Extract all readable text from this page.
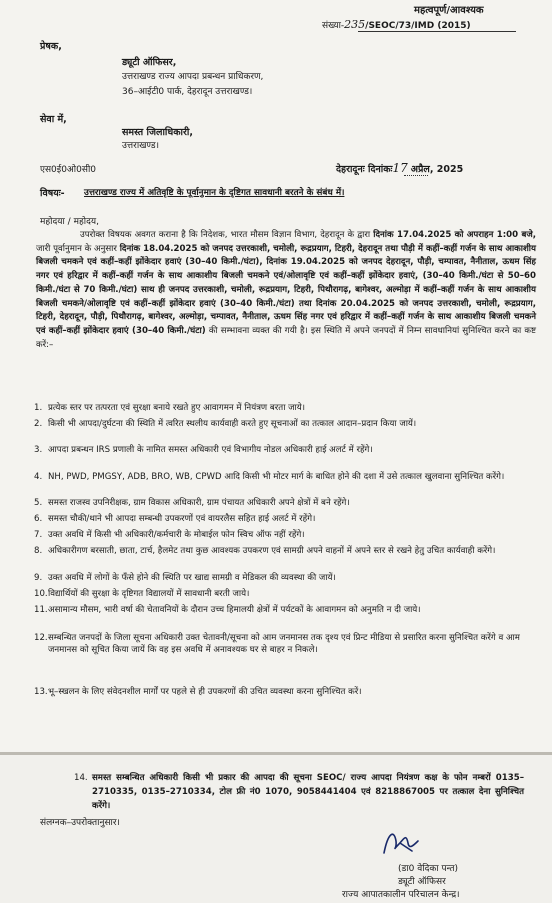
महत्वपूर्ण/आवश्यक
संख्या-235/SEOC/73/IMD (2015)
प्रेषक,
ड्यूटी ऑफिसर,
उत्तराखण्ड राज्य आपदा प्रबन्धन प्राधिकरण,
36–आईटी0 पार्क, देहरादून उत्तराखण्ड।
सेवा में,
समस्त जिलाधिकारी,
उत्तराखण्ड।
एस0ई0ओ0सी0	देहरादूनः दिनांकः17 अप्रैल, 2025
विषयः- उत्तराखण्ड राज्य में अतिवृष्टि के पूर्वानुमान के दृष्टिगत सावधानी बरतने के संबंध में।
महोदया / महोदय,
उपरोक्त विषयक अवगत कराना है कि निदेशक, भारत मौसम विज्ञान विभाग, देहरादून के द्वारा दिनांक 17.04.2025 को अपराहन 1:00 बजे, जारी पूर्वानुमान के अनुसार दिनांक 18.04.2025 को जनपद उत्तरकाशी, चमोली, रूद्रप्रयाग, टिहरी, देहरादून तथा पौड़ी में कहीं–कहीं गर्जन के साथ आकाशीय बिजली चमकने एवं कहीं–कहीं झोंकेदार हवाएं (30–40 किमी./घंटा), दिनांक 19.04.2025 को जनपद देहरादून, पौड़ी, चम्पावत, नैनीताल, ऊधम सिंह नगर एवं हरिद्वार में कहीं–कहीं गर्जन के साथ आकाशीय बिजली चमकने एवं/ओलावृष्टि एवं कहीं–कहीं झोंकेदार हवाएं, (30–40 किमी./घंटा से 50–60 किमी./घंटा से 70 किमी./घंटा) साथ ही जनपद उत्तरकाशी, चमोली, रूद्रप्रयाग, टिहरी, पिथौरागढ़, बागेश्वर, अल्मोड़ा में कहीं–कहीं गर्जन के साथ आकाशीय बिजली चमकने/ओलावृष्टि एवं कहीं–कहीं झोंकेदार हवाएं (30–40 किमी./घंटा) तथा दिनांक 20.04.2025 को जनपद उत्तरकाशी, चमोली, रूद्रप्रयाग, टिहरी, देहरादून, पौड़ी, पिथौरागढ़, बागेश्वर, अल्मोड़ा, चम्पावत, नैनीताल, ऊधम सिंह नगर एवं हरिद्वार में कहीं–कहीं गर्जन के साथ आकाशीय बिजली चमकने एवं कहीं–कहीं झोंकेदार हवाएं (30–40 किमी./घंटा) की सम्भावना व्यक्त की गयी है। इस स्थिति में अपने जनपदों में निम्न सावधानियां सुनिश्चित करने का कष्ट करें:–
1. प्रत्येक स्तर पर तत्परता एवं सुरक्षा बनाये रखते हुए आवागमन में नियंत्रण बरता जाये।
2. किसी भी आपदा/दुर्घटना की स्थिति में त्वरित स्थलीय कार्यवाही करते हुए सूचनाओं का तत्काल आदान–प्रदान किया जायें।
3. आपदा प्रबन्धन IRS प्रणाली के नामित समस्त अधिकारी एवं विभागीय नोडल अधिकारी हाई अलर्ट में रहेंगे।
4. NH, PWD, PMGSY, ADB, BRO, WB, CPWD आदि किसी भी मोटर मार्ग के बाधित होने की दशा में उसे तत्काल खुलवाना सुनिश्चित करेंगे।
5. समस्त राजस्व उपनिरीक्षक, ग्राम विकास अधिकारी, ग्राम पंचायत अधिकारी अपने क्षेत्रों में बने रहेंगे।
6. समस्त चौकी/थाने भी आपदा सम्बन्धी उपकरणों एवं वायरलैस सहित हाई अलर्ट में रहेंगे।
7. उक्त अवधि में किसी भी अधिकारी/कर्मचारी के मोबाईल फोन स्विच ऑफ नहीं रहेंगे।
8. अधिकारीगण बरसाती, छाता, टार्च, हैलमेट तथा कुछ आवश्यक उपकरण एवं सामग्री अपने वाहनों में अपने स्तर से रखने हेतु उचित कार्यवाही करेंगे।
9. उक्त अवधि में लोगों के फँसे होने की स्थिति पर खाद्य सामग्री व मेडिकल की व्यवस्था की जायें।
10.विद्यार्थियों की सुरक्षा के दृष्टिगत विद्यालयों में सावधानी बरती जाये।
11.असामान्य मौसम, भारी वर्षा की चेतावनियों के दौरान उच्च हिमालयी क्षेत्रों में पर्यटकों के आवागमन को अनुमति न दी जाये।
12.सम्बन्धित जनपदों के जिला सूचना अधिकारी उक्त चेतावनी/सूचना को आम जनमानस तक दृश्य एवं प्रिन्ट मीडिया से प्रसारित करना सुनिश्चित करेंगे व आम जनमानस को सूचित किया जायें कि वह इस अवधि में अनावश्यक घर से बाहर न निकले।
13.भू–स्खलन के लिए संवेदनशील मार्गों पर पहले से ही उपकरणों की उचित व्यवस्था करना सुनिश्चित करें।
14. समस्त सम्बन्धित अधिकारी किसी भी प्रकार की आपदा की सूचना SEOC/ राज्य आपदा नियंत्रण कक्ष के फोन नम्बरों 0135–2710335, 0135–2710334, टोल फ्री नं0 1070, 9058441404 एवं 8218867005 पर तत्काल देना सुनिश्चित करेंगे।
संलग्नक–उपरोक्तानुसार।
(डा0 वेदिका पन्त)
ड्यूटी ऑफिसर
राज्य आपातकालीन परिचालन केन्द्र।
